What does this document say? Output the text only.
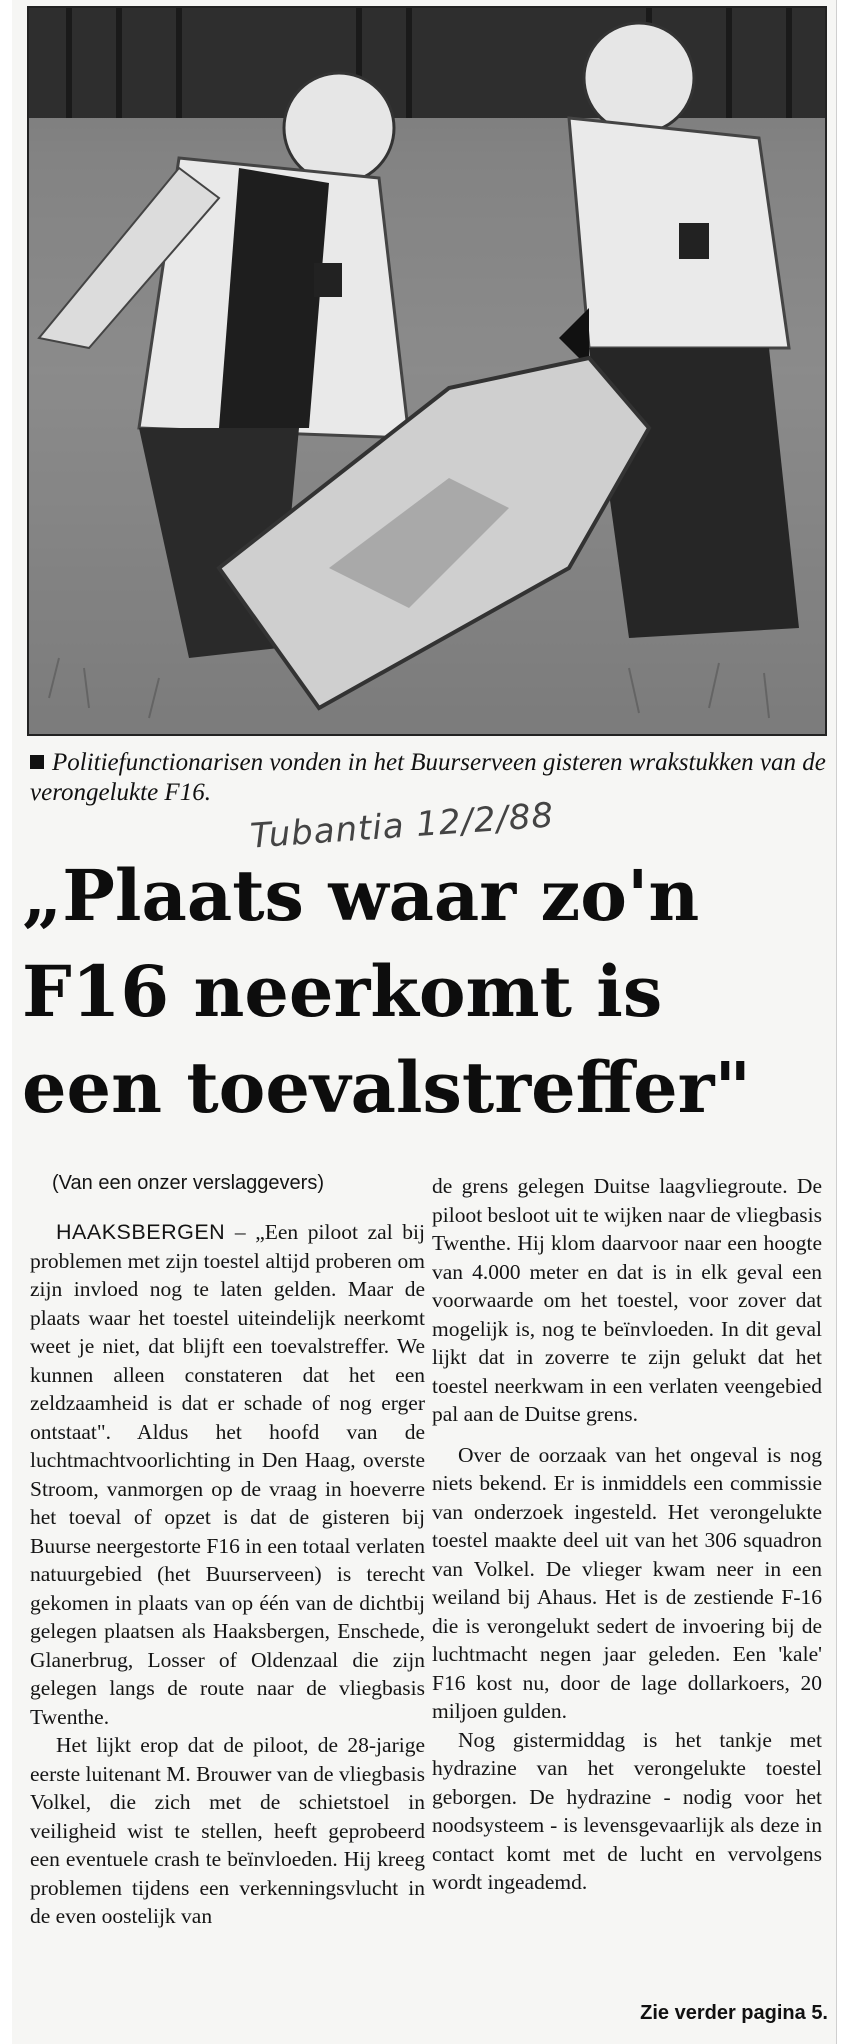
Politiefunctionarisen vonden in het Buurserveen gisteren wrakstukken van de verongelukte F16.
Tubantia 12/2/88
„Plaats waar zo'n
F16 neerkomt is
een toevalstreffer"
(Van een onzer verslaggevers)

HAAKSBERGEN – „Een piloot zal bij problemen met zijn toestel altijd proberen om zijn invloed nog te laten gelden. Maar de plaats waar het toestel uiteindelijk neerkomt weet je niet, dat blijft een toevalstreffer. We kunnen alleen constateren dat het een zeldzaamheid is dat er schade of nog erger ontstaat". Aldus het hoofd van de luchtmachtvoorlichting in Den Haag, overste Stroom, vanmorgen op de vraag in hoeverre het toeval of opzet is dat de gisteren bij Buurse neergestorte F16 in een totaal verlaten natuurgebied (het Buurserveen) is terecht gekomen in plaats van op één van de dichtbij gelegen plaatsen als Haaksbergen, Enschede, Glanerbrug, Losser of Oldenzaal die zijn gelegen langs de route naar de vliegbasis Twenthe.

Het lijkt erop dat de piloot, de 28-jarige eerste luitenant M. Brouwer van de vliegbasis Volkel, die zich met de schietstoel in veiligheid wist te stellen, heeft geprobeerd een eventuele crash te beïnvloeden. Hij kreeg problemen tijdens een verkenningsvlucht in de even oostelijk van

de grens gelegen Duitse laagvliegroute. De piloot besloot uit te wijken naar de vliegbasis Twenthe. Hij klom daarvoor naar een hoogte van 4.000 meter en dat is in elk geval een voorwaarde om het toestel, voor zover dat mogelijk is, nog te beïnvloeden. In dit geval lijkt dat in zoverre te zijn gelukt dat het toestel neerkwam in een verlaten veengebied pal aan de Duitse grens.

Over de oorzaak van het ongeval is nog niets bekend. Er is inmiddels een commissie van onderzoek ingesteld. Het verongelukte toestel maakte deel uit van het 306 squadron van Volkel. De vlieger kwam neer in een weiland bij Ahaus. Het is de zestiende F-16 die is verongelukt sedert de invoering bij de luchtmacht negen jaar geleden. Een 'kale' F16 kost nu, door de lage dollarkoers, 20 miljoen gulden.

Nog gistermiddag is het tankje met hydrazine van het verongelukte toestel geborgen. De hydrazine - nodig voor het noodsysteem - is levensgevaarlijk als deze in contact komt met de lucht en vervolgens wordt ingeademd.

Zie verder pagina 5.
